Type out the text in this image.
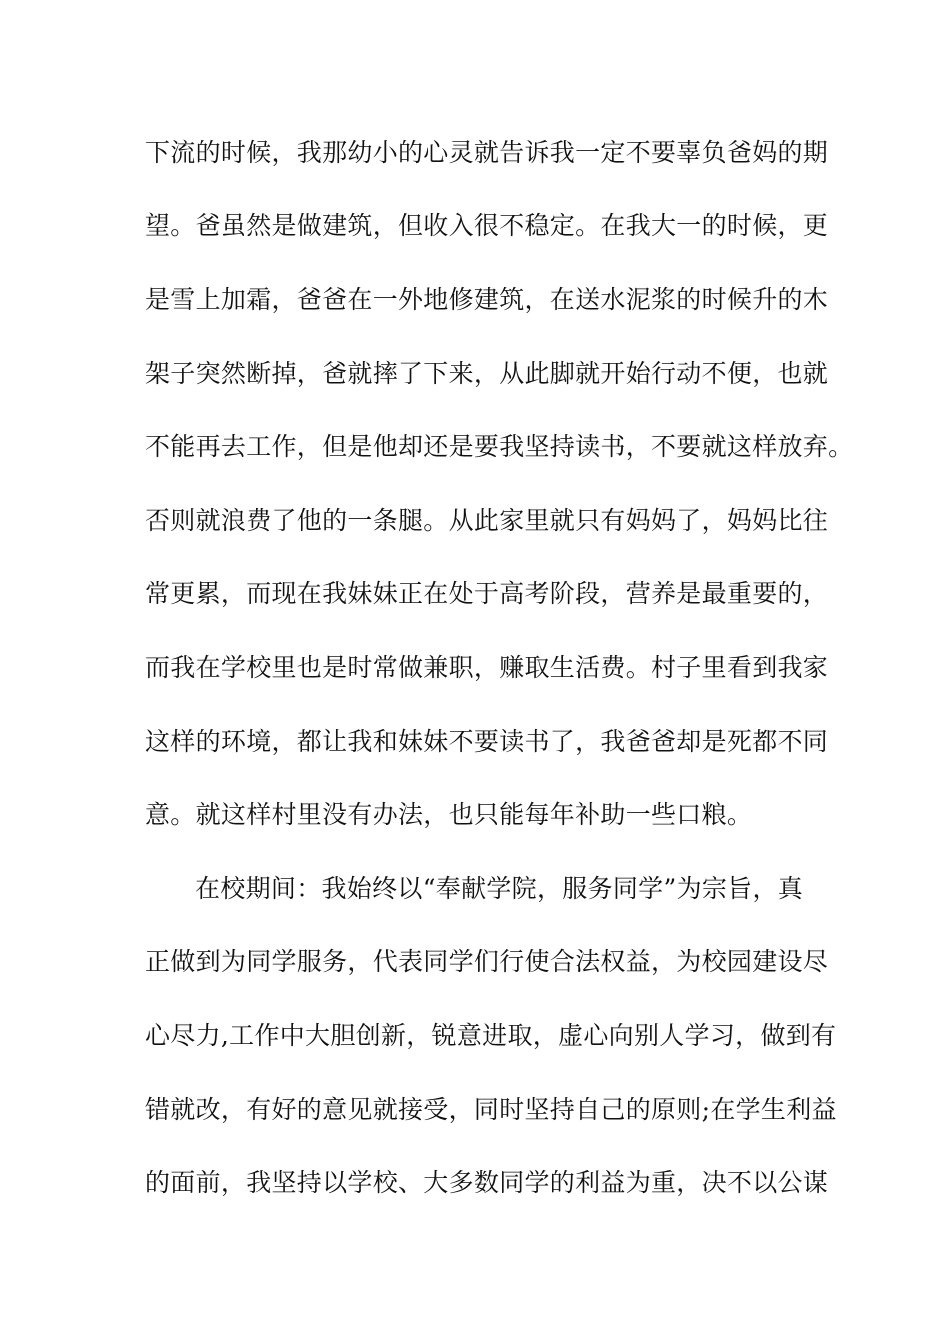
下流的时候，我那幼小的心灵就告诉我一定不要辜负爸妈的期
望。爸虽然是做建筑，但收入很不稳定。在我大一的时候，更
是雪上加霜，爸爸在一外地修建筑，在送水泥浆的时候升的木
架子突然断掉，爸就摔了下来，从此脚就开始行动不便，也就
不能再去工作，但是他却还是要我坚持读书，不要就这样放弃。
否则就浪费了他的一条腿。从此家里就只有妈妈了，妈妈比往
常更累，而现在我妹妹正在处于高考阶段，营养是最重要的，
而我在学校里也是时常做兼职，赚取生活费。村子里看到我家
这样的环境，都让我和妹妹不要读书了，我爸爸却是死都不同
意。就这样村里没有办法，也只能每年补助一些口粮。
在校期间：我始终以“奉献学院，服务同学”为宗旨，真
正做到为同学服务，代表同学们行使合法权益，为校园建设尽
心尽力,工作中大胆创新，锐意进取，虚心向别人学习，做到有
错就改，有好的意见就接受，同时坚持自己的原则;在学生利益
的面前，我坚持以学校、大多数同学的利益为重，决不以公谋
